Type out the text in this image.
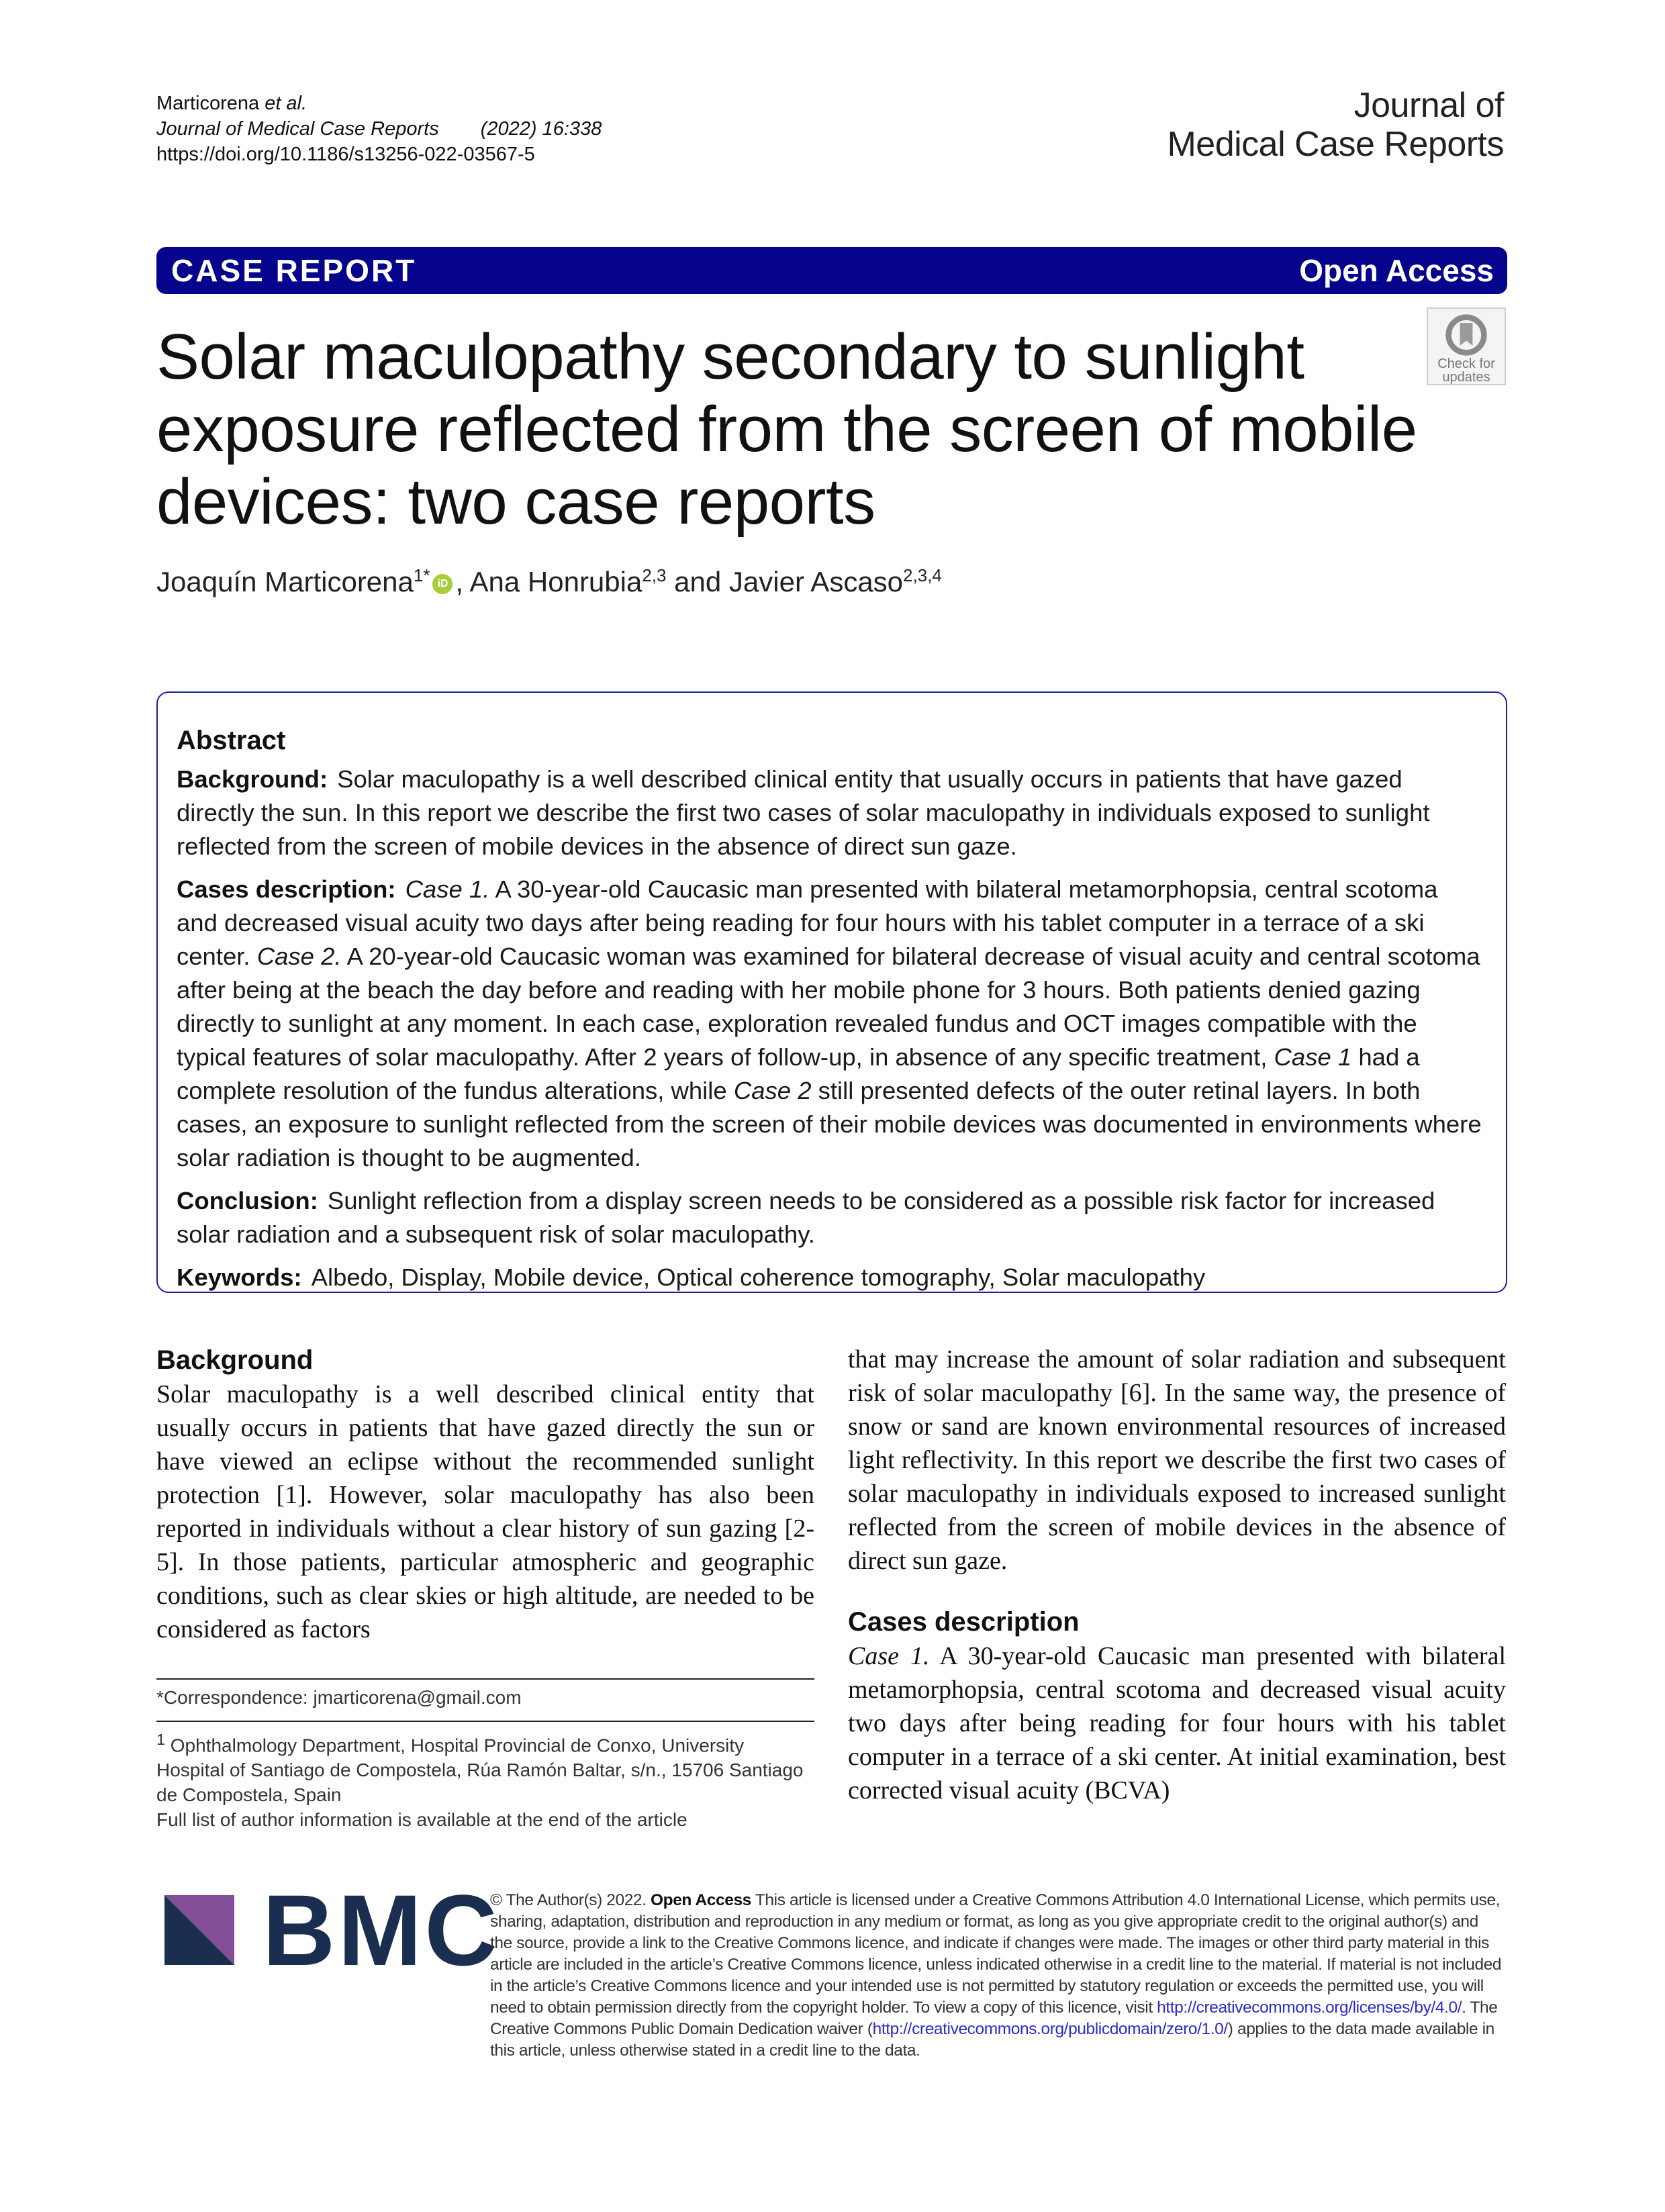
Marticorena et al.
Journal of Medical Case Reports (2022) 16:338
https://doi.org/10.1186/s13256-022-03567-5
Journal of
Medical Case Reports
CASE REPORT	Open Access
Solar maculopathy secondary to sunlight exposure reflected from the screen of mobile devices: two case reports
Check for
updates
Joaquín Marticorena$^{1*}$ iD , Ana Honrubia$^{2,3}$ and Javier Ascaso$^{2,3,4}$
Abstract

Background: Solar maculopathy is a well described clinical entity that usually occurs in patients that have gazed directly the sun. In this report we describe the first two cases of solar maculopathy in individuals exposed to sunlight reflected from the screen of mobile devices in the absence of direct sun gaze.

Cases description: Case 1. A 30-year-old Caucasic man presented with bilateral metamorphopsia, central scotoma and decreased visual acuity two days after being reading for four hours with his tablet computer in a terrace of a ski center. Case 2. A 20-year-old Caucasic woman was examined for bilateral decrease of visual acuity and central scotoma after being at the beach the day before and reading with her mobile phone for 3 hours. Both patients denied gazing directly to sunlight at any moment. In each case, exploration revealed fundus and OCT images compatible with the typical features of solar maculopathy. After 2 years of follow-up, in absence of any specific treatment, Case 1 had a complete resolution of the fundus alterations, while Case 2 still presented defects of the outer retinal layers. In both cases, an exposure to sunlight reflected from the screen of their mobile devices was documented in environments where solar radiation is thought to be augmented.

Conclusion: Sunlight reflection from a display screen needs to be considered as a possible risk factor for increased solar radiation and a subsequent risk of solar maculopathy.

Keywords: Albedo, Display, Mobile device, Optical coherence tomography, Solar maculopathy

Background

Solar maculopathy is a well described clinical entity that usually occurs in patients that have gazed directly the sun or have viewed an eclipse without the recommended sunlight protection [1]. However, solar maculopathy has also been reported in individuals without a clear history of sun gazing [2-5]. In those patients, particular atmospheric and geographic conditions, such as clear skies or high altitude, are needed to be considered as factors

that may increase the amount of solar radiation and subsequent risk of solar maculopathy [6]. In the same way, the presence of snow or sand are known environmental resources of increased light reflectivity. In this report we describe the first two cases of solar maculopathy in individuals exposed to increased sunlight reflected from the screen of mobile devices in the absence of direct sun gaze.

Cases description

Case 1. A 30-year-old Caucasic man presented with bilateral metamorphopsia, central scotoma and decreased visual acuity two days after being reading for four hours with his tablet computer in a terrace of a ski center. At initial examination, best corrected visual acuity (BCVA)

*Correspondence: jmarticorena@gmail.com
$^1$ Ophthalmology Department, Hospital Provincial de Conxo, University Hospital of Santiago de Compostela, Rúa Ramón Baltar, s/n., 15706 Santiago de Compostela, Spain
Full list of author information is available at the end of the article
BMC
© The Author(s) 2022. Open Access This article is licensed under a Creative Commons Attribution 4.0 International License, which permits use, sharing, adaptation, distribution and reproduction in any medium or format, as long as you give appropriate credit to the original author(s) and the source, provide a link to the Creative Commons licence, and indicate if changes were made. The images or other third party material in this article are included in the article’s Creative Commons licence, unless indicated otherwise in a credit line to the material. If material is not included in the article’s Creative Commons licence and your intended use is not permitted by statutory regulation or exceeds the permitted use, you will need to obtain permission directly from the copyright holder. To view a copy of this licence, visit http://creativecommons.org/licenses/by/4.0/. The Creative Commons Public Domain Dedication waiver (http://creativecommons.org/publicdomain/zero/1.0/) applies to the data made available in this article, unless otherwise stated in a credit line to the data.
